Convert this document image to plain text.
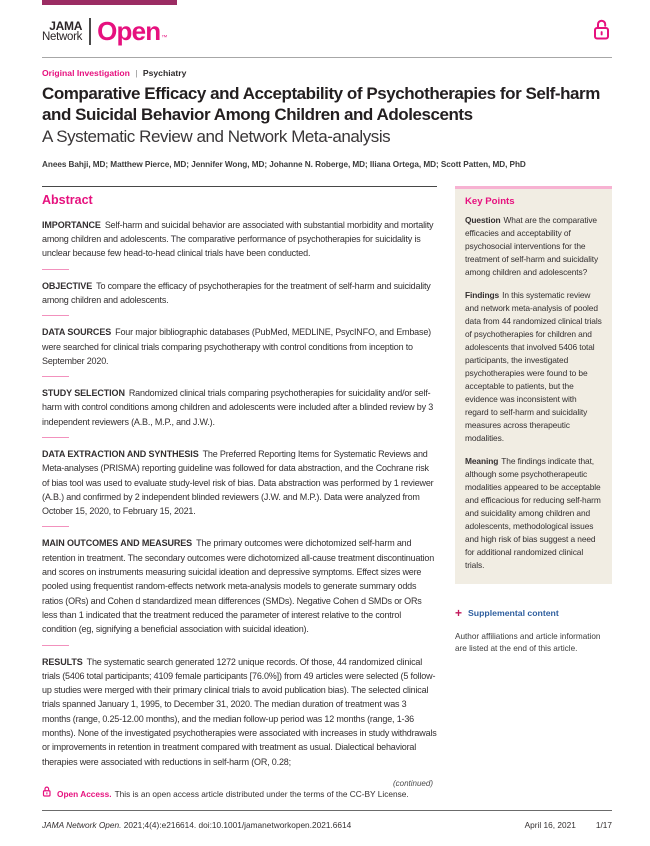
JAMA
Network Open™
Original Investigation | Psychiatry
Comparative Efficacy and Acceptability of Psychotherapies for Self-harm and Suicidal Behavior Among Children and Adolescents
A Systematic Review and Network Meta-analysis
Anees Bahji, MD; Matthew Pierce, MD; Jennifer Wong, MD; Johanne N. Roberge, MD; Iliana Ortega, MD; Scott Patten, MD, PhD
Abstract

IMPORTANCE Self-harm and suicidal behavior are associated with substantial morbidity and mortality among children and adolescents. The comparative performance of psychotherapies for suicidality is unclear because few head-to-head clinical trials have been conducted.

OBJECTIVE To compare the efficacy of psychotherapies for the treatment of self-harm and suicidality among children and adolescents.

DATA SOURCES Four major bibliographic databases (PubMed, MEDLINE, PsycINFO, and Embase) were searched for clinical trials comparing psychotherapy with control conditions from inception to September 2020.

STUDY SELECTION Randomized clinical trials comparing psychotherapies for suicidality and/or self-harm with control conditions among children and adolescents were included after a blinded review by 3 independent reviewers (A.B., M.P., and J.W.).

DATA EXTRACTION AND SYNTHESIS The Preferred Reporting Items for Systematic Reviews and Meta-analyses (PRISMA) reporting guideline was followed for data abstraction, and the Cochrane risk of bias tool was used to evaluate study-level risk of bias. Data abstraction was performed by 1 reviewer (A.B.) and confirmed by 2 independent blinded reviewers (J.W. and M.P.). Data were analyzed from October 15, 2020, to February 15, 2021.

MAIN OUTCOMES AND MEASURES The primary outcomes were dichotomized self-harm and retention in treatment. The secondary outcomes were dichotomized all-cause treatment discontinuation and scores on instruments measuring suicidal ideation and depressive symptoms. Effect sizes were pooled using frequentist random-effects network meta-analysis models to generate summary odds ratios (ORs) and Cohen d standardized mean differences (SMDs). Negative Cohen d SMDs or ORs less than 1 indicated that the treatment reduced the parameter of interest relative to the control condition (eg, signifying a beneficial association with suicidal ideation).

RESULTS The systematic search generated 1272 unique records. Of those, 44 randomized clinical trials (5406 total participants; 4109 female participants [76.0%]) from 49 articles were selected (5 follow-up studies were merged with their primary clinical trials to avoid publication bias). The selected clinical trials spanned January 1, 1995, to December 31, 2020. The median duration of treatment was 3 months (range, 0.25-12.00 months), and the median follow-up period was 12 months (range, 1-36 months). None of the investigated psychotherapies were associated with increases in study withdrawals or improvements in retention in treatment compared with treatment as usual. Dialectical behavioral therapies were associated with reductions in self-harm (OR, 0.28;

(continued)
Key Points

Question What are the comparative efficacies and acceptability of psychosocial interventions for the treatment of self-harm and suicidality among children and adolescents?

Findings In this systematic review and network meta-analysis of pooled data from 44 randomized clinical trials of psychotherapies for children and adolescents that involved 5406 total participants, the investigated psychotherapies were found to be acceptable to patients, but the evidence was inconsistent with regard to self-harm and suicidality measures across therapeutic modalities.

Meaning The findings indicate that, although some psychotherapeutic modalities appeared to be acceptable and efficacious for reducing self-harm and suicidality among children and adolescents, methodological issues and high risk of bias suggest a need for additional randomized clinical trials.

+ Supplemental content

Author affiliations and article information are listed at the end of this article.

Open Access. This is an open access article distributed under the terms of the CC-BY License.

JAMA Network Open. 2021;4(4):e216614. doi:10.1001/jamanetworkopen.2021.6614	April 16, 2021 1/17
